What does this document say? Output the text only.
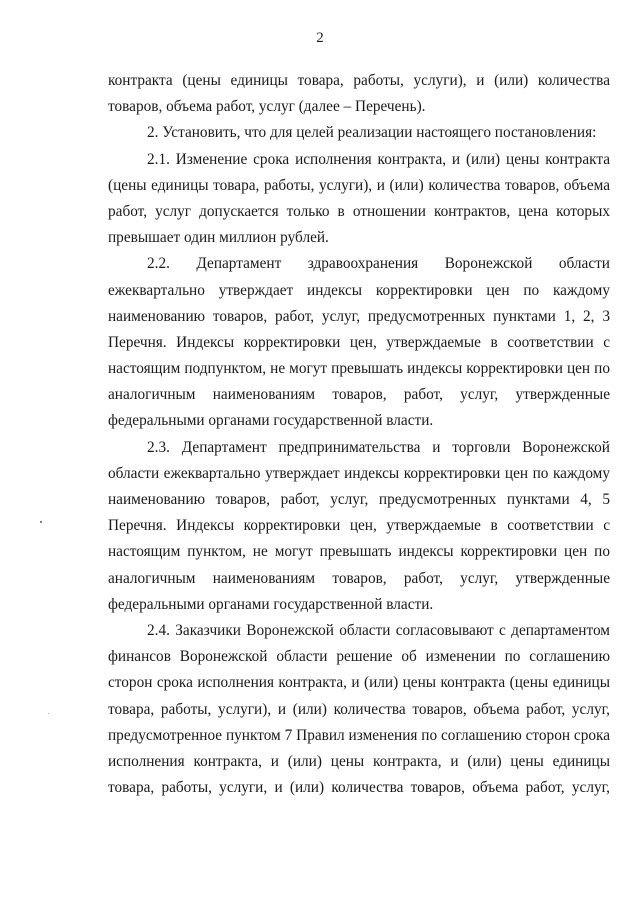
2
контракта (цены единицы товара, работы, услуги), и (или) количества
товаров, объема работ, услуг (далее – Перечень).
2. Установить, что для целей реализации настоящего постановления:
2.1. Изменение срока исполнения контракта, и (или) цены контракта
(цены единицы товара, работы, услуги), и (или) количества товаров, объема
работ, услуг допускается только в отношении контрактов, цена которых
превышает один миллион рублей.
2.2. Департамент здравоохранения Воронежской области
ежеквартально утверждает индексы корректировки цен по каждому
наименованию товаров, работ, услуг, предусмотренных пунктами 1, 2, 3
Перечня. Индексы корректировки цен, утверждаемые в соответствии с
настоящим подпунктом, не могут превышать индексы корректировки цен по
аналогичным наименованиям товаров, работ, услуг, утвержденные
федеральными органами государственной власти.
2.3. Департамент предпринимательства и торговли Воронежской
области ежеквартально утверждает индексы корректировки цен по каждому
наименованию товаров, работ, услуг, предусмотренных пунктами 4, 5
Перечня. Индексы корректировки цен, утверждаемые в соответствии с
настоящим пунктом, не могут превышать индексы корректировки цен по
аналогичным наименованиям товаров, работ, услуг, утвержденные
федеральными органами государственной власти.
2.4. Заказчики Воронежской области согласовывают с департаментом
финансов Воронежской области решение об изменении по соглашению
сторон срока исполнения контракта, и (или) цены контракта (цены единицы
товара, работы, услуги), и (или) количества товаров, объема работ, услуг,
предусмотренное пунктом 7 Правил изменения по соглашению сторон срока
исполнения контракта, и (или) цены контракта, и (или) цены единицы
товара, работы, услуги, и (или) количества товаров, объема работ, услуг,
